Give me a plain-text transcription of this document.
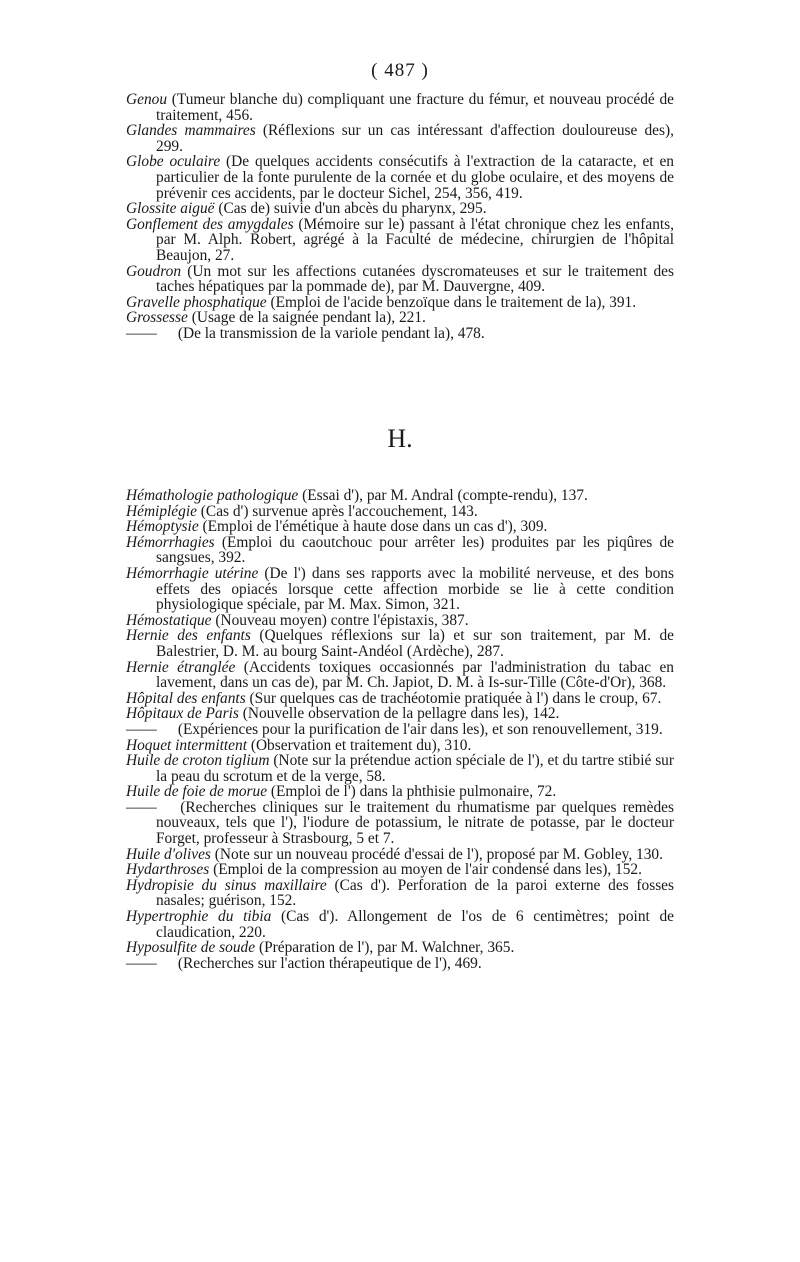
( 487 )

Genou (Tumeur blanche du) compliquant une fracture du fémur, et nouveau procédé de traitement, 456.

Glandes mammaires (Réflexions sur un cas intéressant d'affection douloureuse des), 299.

Globe oculaire (De quelques accidents consécutifs à l'extraction de la cataracte, et en particulier de la fonte purulente de la cornée et du globe oculaire, et des moyens de prévenir ces accidents, par le docteur Sichel, 254, 356, 419.

Glossite aiguë (Cas de) suivie d'un abcès du pharynx, 295.

Gonflement des amygdales (Mémoire sur le) passant à l'état chronique chez les enfants, par M. Alph. Robert, agrégé à la Faculté de médecine, chirurgien de l'hôpital Beaujon, 27.

Goudron (Un mot sur les affections cutanées dyscromateuses et sur le traitement des taches hépatiques par la pommade de), par M. Dauvergne, 409.

Gravelle phosphatique (Emploi de l'acide benzoïque dans le traitement de la), 391.

Grossesse (Usage de la saignée pendant la), 221.

—— (De la transmission de la variole pendant la), 478.

H.

Hémathologie pathologique (Essai d'), par M. Andral (compte-rendu), 137.

Hémiplégie (Cas d') survenue après l'accouchement, 143.

Hémoptysie (Emploi de l'émétique à haute dose dans un cas d'), 309.

Hémorrhagies (Emploi du caoutchouc pour arrêter les) produites par les piqûres de sangsues, 392.

Hémorrhagie utérine (De l') dans ses rapports avec la mobilité nerveuse, et des bons effets des opiacés lorsque cette affection morbide se lie à cette condition physiologique spéciale, par M. Max. Simon, 321.

Hémostatique (Nouveau moyen) contre l'épistaxis, 387.

Hernie des enfants (Quelques réflexions sur la) et sur son traitement, par M. de Balestrier, D. M. au bourg Saint-Andéol (Ardèche), 287.

Hernie étranglée (Accidents toxiques occasionnés par l'administration du tabac en lavement, dans un cas de), par M. Ch. Japiot, D. M. à Is-sur-Tille (Côte-d'Or), 368.

Hôpital des enfants (Sur quelques cas de trachéotomie pratiquée à l') dans le croup, 67.

Hôpitaux de Paris (Nouvelle observation de la pellagre dans les), 142.

—— (Expériences pour la purification de l'air dans les), et son renouvellement, 319.

Hoquet intermittent (Observation et traitement du), 310.

Huile de croton tiglium (Note sur la prétendue action spéciale de l'), et du tartre stibié sur la peau du scrotum et de la verge, 58.

Huile de foie de morue (Emploi de l') dans la phthisie pulmonaire, 72.

—— (Recherches cliniques sur le traitement du rhumatisme par quelques remèdes nouveaux, tels que l'), l'iodure de potassium, le nitrate de potasse, par le docteur Forget, professeur à Strasbourg, 5 et 7.

Huile d'olives (Note sur un nouveau procédé d'essai de l'), proposé par M. Gobley, 130.

Hydarthroses (Emploi de la compression au moyen de l'air condensé dans les), 152.

Hydropisie du sinus maxillaire (Cas d'). Perforation de la paroi externe des fosses nasales; guérison, 152.

Hypertrophie du tibia (Cas d'). Allongement de l'os de 6 centimètres; point de claudication, 220.

Hyposulfite de soude (Préparation de l'), par M. Walchner, 365.

—— (Recherches sur l'action thérapeutique de l'), 469.
